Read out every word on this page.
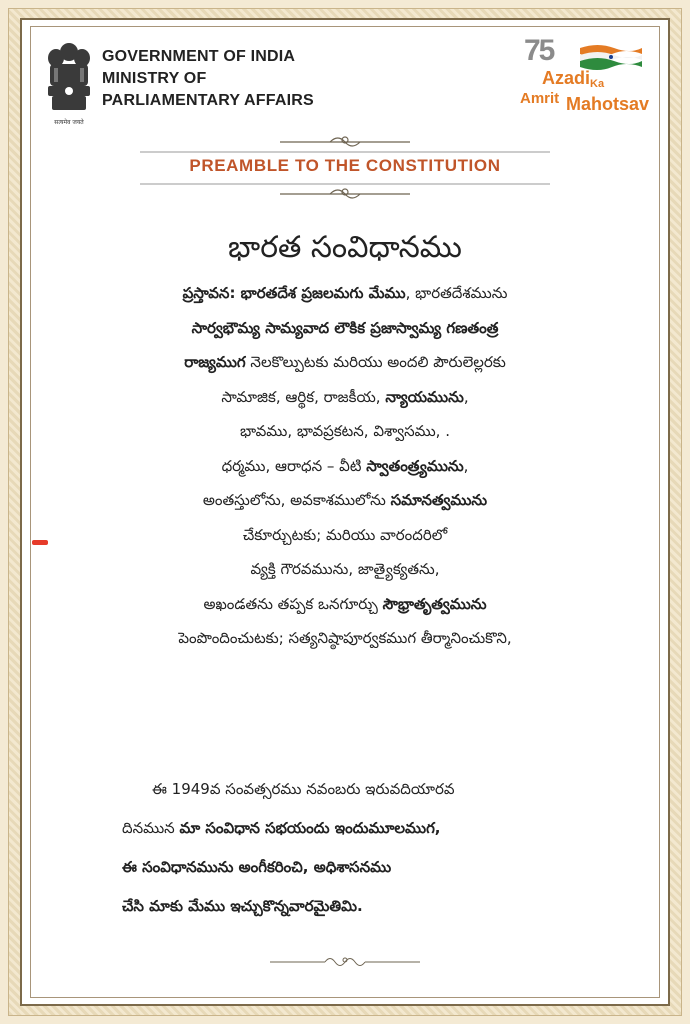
सत्यमेव जयते
GOVERNMENT OF INDIA
MINISTRY OF
PARLIAMENTARY AFFAIRS
75
Azadi Ka
Amrit Mahotsav
PREAMBLE TO THE CONSTITUTION
భారత సంవిధానము
ప్రస్తావన: భారతదేశ ప్రజలమగు మేము, భారతదేశమును
సార్వభౌమ్య సామ్యవాద లౌకిక ప్రజాస్వామ్య గణతంత్ర
రాజ్యముగ నెలకొల్పుటకు మరియు అందలి పౌరులెల్లరకు
సామాజిక, ఆర్థిక, రాజకీయ, న్యాయమును,
భావము, భావప్రకటన, విశ్వాసము, .
ధర్మము, ఆరాధన – వీటి స్వాతంత్ర్యమును,
అంతస్తులోను, అవకాశములోను సమానత్వమును
చేకూర్చుటకు; మరియు వారందరిలో
వ్యక్తి గౌరవమును, జాత్యైక్యతను,
అఖండతను తప్పక ఒనగూర్చు సౌభ్రాతృత్వమును
పెంపొందించుటకు; సత్యనిష్ఠాపూర్వకముగ తీర్మానించుకొని,
ఈ 1949వ సంవత్సరము నవంబరు ఇరువదియారవ
దినమున మా సంవిధాన సభయందు ఇందుమూలముగ,
ఈ సంవిధానమును అంగీకరించి, అధిశాసనము
చేసి మాకు మేము ఇచ్చుకొన్నవారమైతిమి.
